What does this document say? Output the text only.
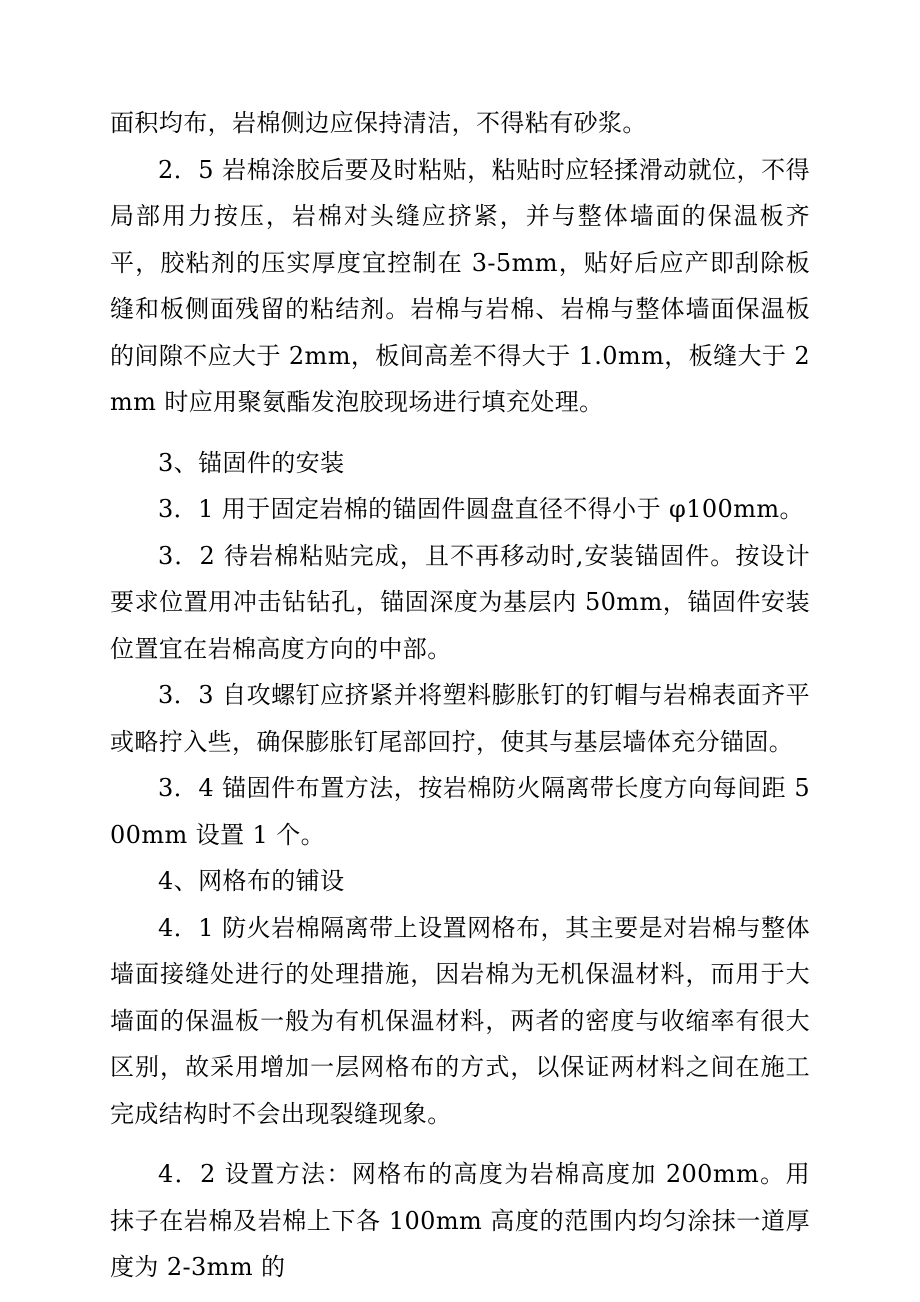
面积均布，岩棉侧边应保持清洁，不得粘有砂浆。

2．5 岩棉涂胶后要及时粘贴，粘贴时应轻揉滑动就位，不得局部用力按压，岩棉对头缝应挤紧，并与整体墙面的保温板齐平，胶粘剂的压实厚度宜控制在 3-5mm，贴好后应产即刮除板缝和板侧面残留的粘结剂。岩棉与岩棉、岩棉与整体墙面保温板的间隙不应大于 2mm，板间高差不得大于 1.0mm，板缝大于 2mm 时应用聚氨酯发泡胶现场进行填充处理。

3、锚固件的安装

3．1 用于固定岩棉的锚固件圆盘直径不得小于 φ100mm。

3．2 待岩棉粘贴完成，且不再移动时,安装锚固件。按设计要求位置用冲击钻钻孔，锚固深度为基层内 50mm，锚固件安装位置宜在岩棉高度方向的中部。

3．3 自攻螺钉应挤紧并将塑料膨胀钉的钉帽与岩棉表面齐平或略拧入些，确保膨胀钉尾部回拧，使其与基层墙体充分锚固。

3．4 锚固件布置方法，按岩棉防火隔离带长度方向每间距 500mm 设置 1 个。

4、网格布的铺设

4．1 防火岩棉隔离带上设置网格布，其主要是对岩棉与整体墙面接缝处进行的处理措施，因岩棉为无机保温材料，而用于大墙面的保温板一般为有机保温材料，两者的密度与收缩率有很大区别，故采用增加一层网格布的方式，以保证两材料之间在施工完成结构时不会出现裂缝现象。

4．2 设置方法：网格布的高度为岩棉高度加 200mm。用抹子在岩棉及岩棉上下各 100mm 高度的范围内均匀涂抹一道厚度为 2-3mm 的
